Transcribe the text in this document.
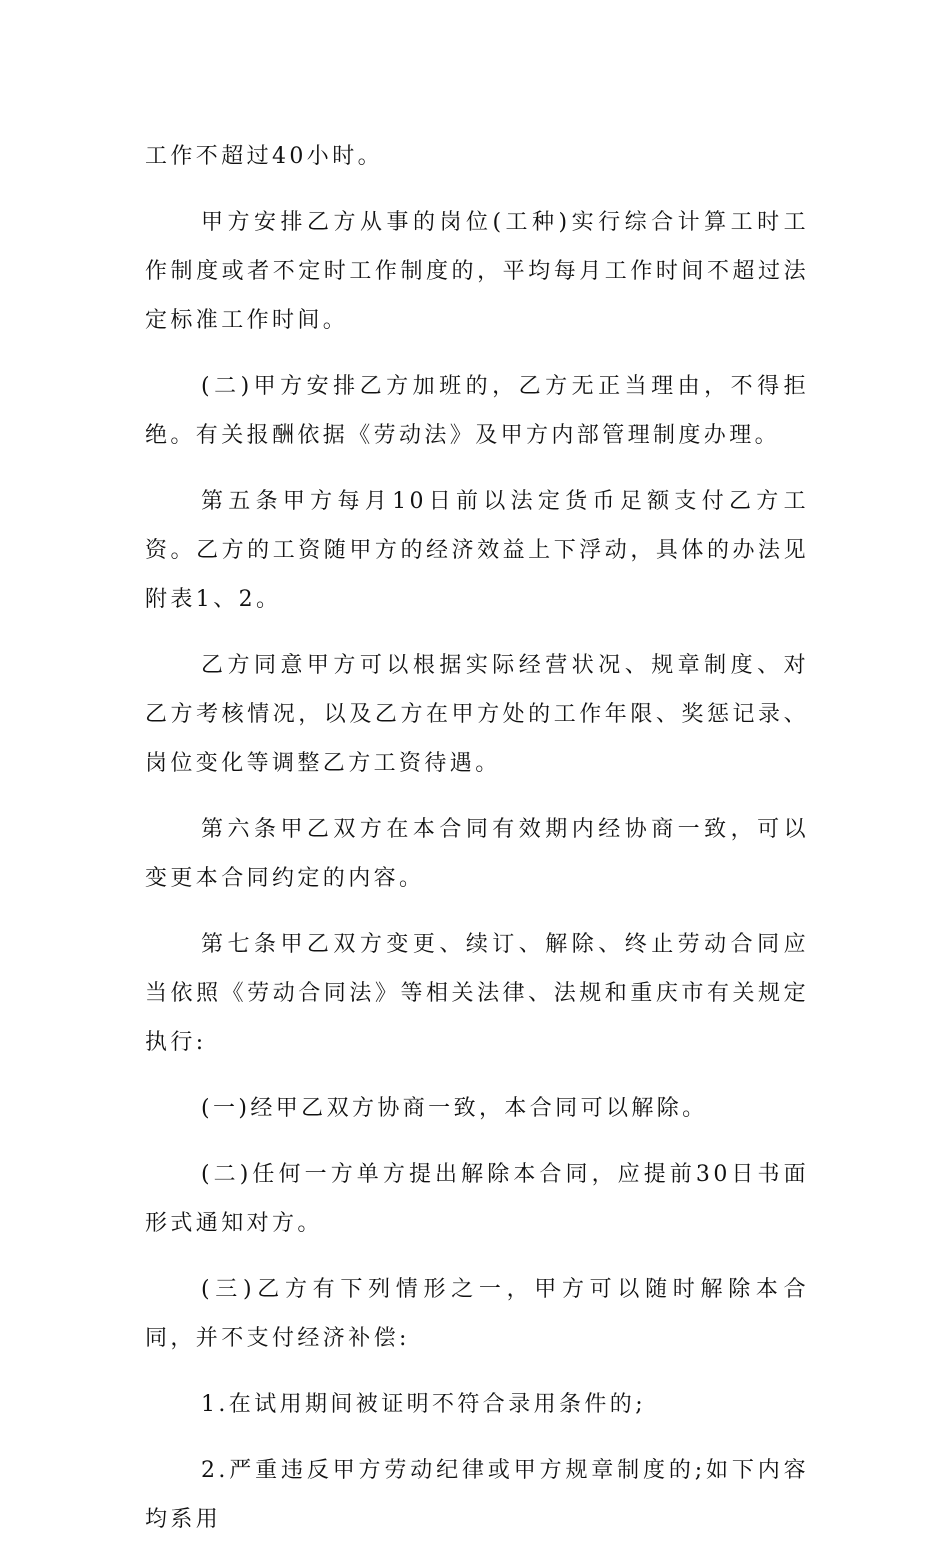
工作不超过40小时。

甲方安排乙方从事的岗位(工种)实行综合计算工时工作制度或者不定时工作制度的，平均每月工作时间不超过法定标准工作时间。

(二)甲方安排乙方加班的，乙方无正当理由，不得拒绝。有关报酬依据《劳动法》及甲方内部管理制度办理。

第五条甲方每月10日前以法定货币足额支付乙方工资。乙方的工资随甲方的经济效益上下浮动，具体的办法见附表1、2。

乙方同意甲方可以根据实际经营状况、规章制度、对乙方考核情况，以及乙方在甲方处的工作年限、奖惩记录、岗位变化等调整乙方工资待遇。

第六条甲乙双方在本合同有效期内经协商一致，可以变更本合同约定的内容。

第七条甲乙双方变更、续订、解除、终止劳动合同应当依照《劳动合同法》等相关法律、法规和重庆市有关规定执行:

(一)经甲乙双方协商一致，本合同可以解除。

(二)任何一方单方提出解除本合同，应提前30日书面形式通知对方。

(三)乙方有下列情形之一，甲方可以随时解除本合同，并不支付经济补偿:

1.在试用期间被证明不符合录用条件的;

2.严重违反甲方劳动纪律或甲方规章制度的;如下内容均系用
